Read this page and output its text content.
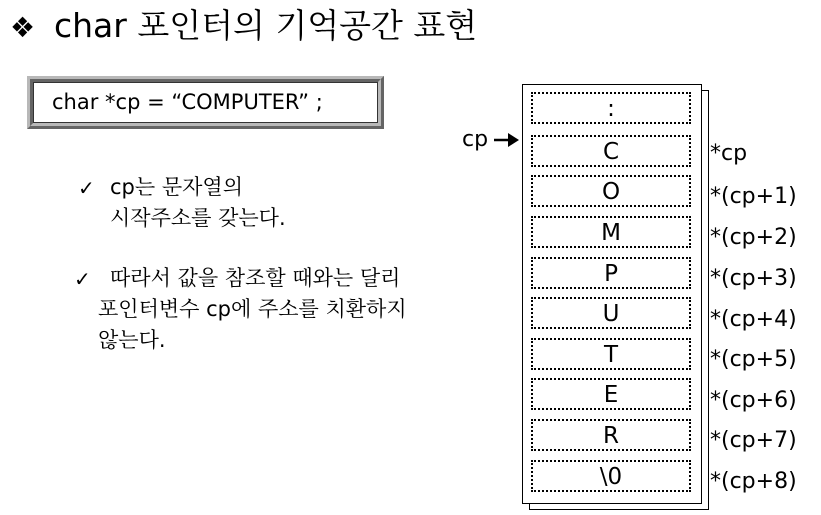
❖ char 포인터의 기억공간 표현
char *cp = “COMPUTER” ;
✓ cp는 문자열의
시작주소를 갖는다.
✓ 따라서 값을 참조할 때와는 달리
포인터변수 cp에 주소를 치환하지
않는다.
cp
:
C
O
M
P
U
T
E
R
\0
*cp
*(cp+1)
*(cp+2)
*(cp+3)
*(cp+4)
*(cp+5)
*(cp+6)
*(cp+7)
*(cp+8)
